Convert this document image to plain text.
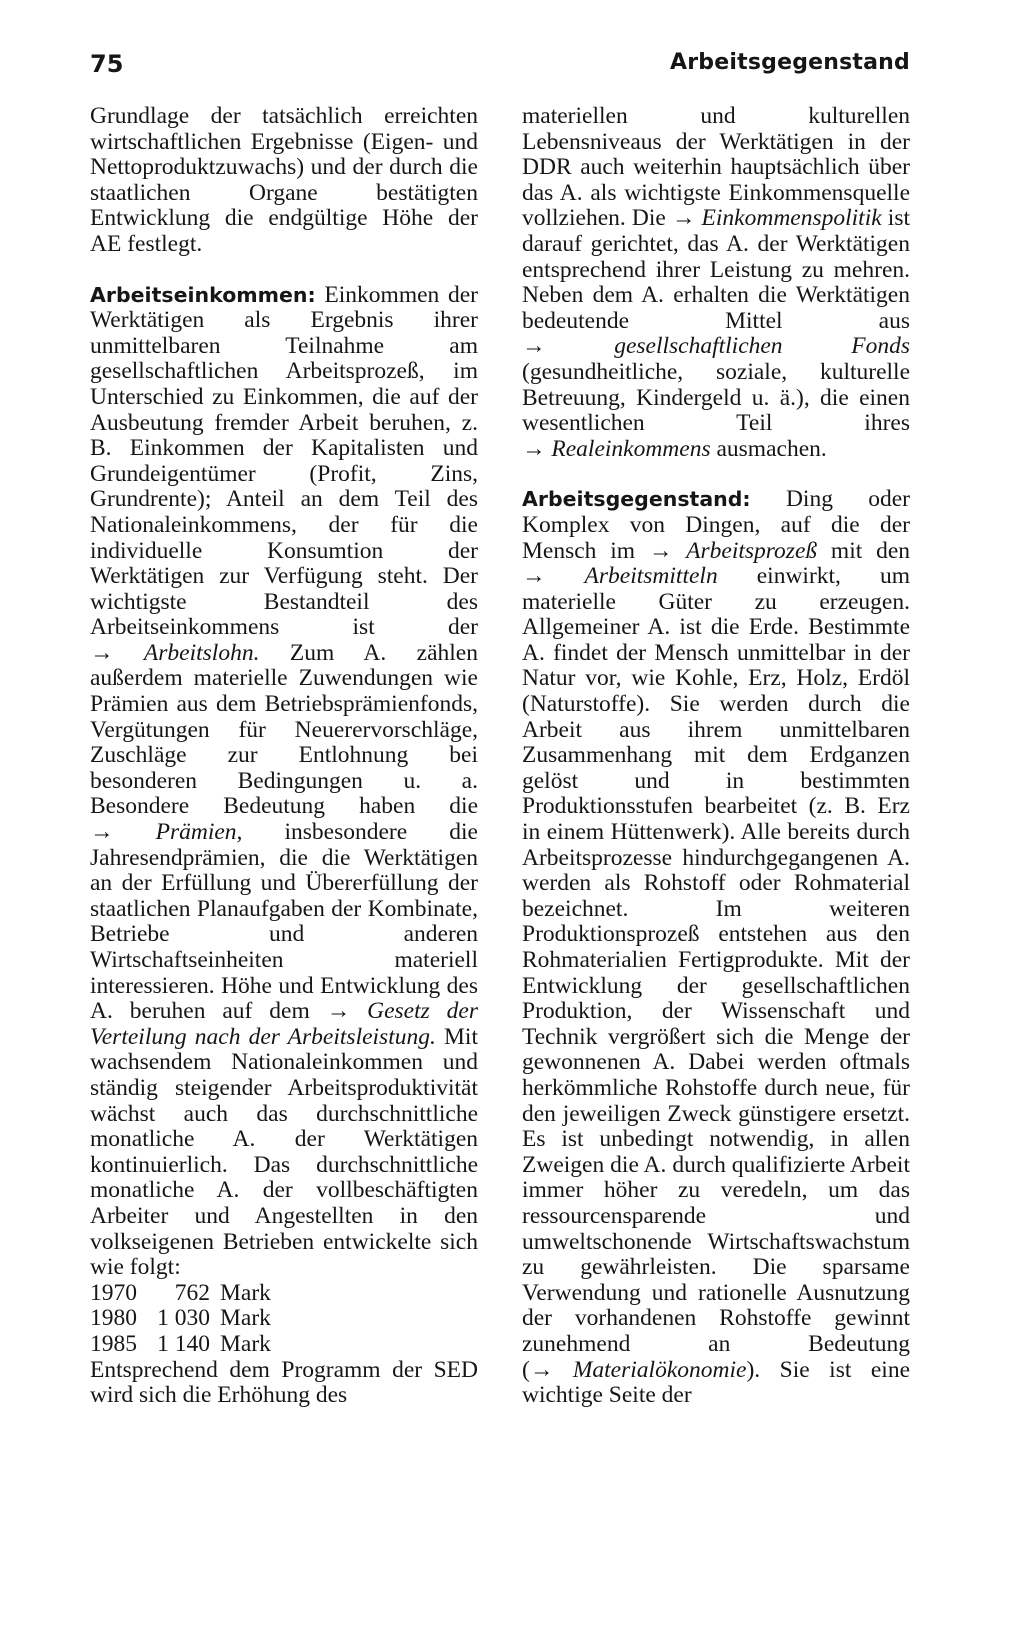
75	Arbeitsgegenstand

Grundlage der tatsächlich erreichten wirtschaftlichen Ergebnisse (Eigen- und Nettoproduktzuwachs) und der durch die staatlichen Organe bestätigten Entwicklung die endgültige Höhe der AE festlegt.

Arbeitseinkommen: Einkommen der Werktätigen als Ergebnis ihrer unmittelbaren Teilnahme am gesellschaftlichen Arbeitsprozeß, im Unterschied zu Einkommen, die auf der Ausbeutung fremder Arbeit beruhen, z. B. Einkommen der Kapitalisten und Grundeigentümer (Profit, Zins, Grundrente); Anteil an dem Teil des Nationaleinkommens, der für die individuelle Konsumtion der Werktätigen zur Verfügung steht. Der wichtigste Bestandteil des Arbeitseinkommens ist der → Arbeitslohn. Zum A. zählen außerdem materielle Zuwendungen wie Prämien aus dem Betriebsprämienfonds, Vergütungen für Neuerervorschläge, Zuschläge zur Entlohnung bei besonderen Bedingungen u. a. Besondere Bedeutung haben die → Prämien, insbesondere die Jahresendprämien, die die Werktätigen an der Erfüllung und Übererfüllung der staatlichen Planaufgaben der Kombinate, Betriebe und anderen Wirtschaftseinheiten materiell interessieren. Höhe und Entwicklung des A. beruhen auf dem → Gesetz der Verteilung nach der Arbeitsleistung. Mit wachsendem Nationaleinkommen und ständig steigender Arbeitsproduktivität wächst auch das durchschnittliche monatliche A. der Werktätigen kontinuierlich. Das durchschnittliche monatliche A. der vollbeschäftigten Arbeiter und Angestellten in den volkseigenen Betrieben entwickelte sich wie folgt:

1970	762 Mark
1980 1 030 Mark
1985 1 140 Mark

Entsprechend dem Programm der SED wird sich die Erhöhung des

materiellen und kulturellen Lebensniveaus der Werktätigen in der DDR auch weiterhin hauptsächlich über das A. als wichtigste Einkommensquelle vollziehen. Die → Einkommenspolitik ist darauf gerichtet, das A. der Werktätigen entsprechend ihrer Leistung zu mehren. Neben dem A. erhalten die Werktätigen bedeutende Mittel aus →	gesellschaftlichen Fonds (gesundheitliche, soziale, kulturelle Betreuung, Kindergeld u. ä.), die einen wesentlichen Teil ihres → Realeinkommens ausmachen.

Arbeitsgegenstand: Ding oder Komplex von Dingen, auf die der Mensch im → Arbeitsprozeß mit den → Arbeitsmitteln einwirkt, um materielle Güter zu erzeugen. Allgemeiner A. ist die Erde. Bestimmte A. findet der Mensch unmittelbar in der Natur vor, wie Kohle, Erz, Holz, Erdöl (Naturstoffe). Sie werden durch die Arbeit aus ihrem unmittelbaren Zusammenhang mit dem Erdganzen gelöst und in bestimmten Produktionsstufen bearbeitet (z. B. Erz in einem Hüttenwerk). Alle bereits durch Arbeitsprozesse hindurchgegangenen A. werden als Rohstoff oder Rohmaterial bezeichnet. Im weiteren Produktionsprozeß entstehen aus den Rohmaterialien Fertigprodukte. Mit der Entwicklung der gesellschaftlichen Produktion, der Wissenschaft und Technik vergrößert sich die Menge der gewonnenen A. Dabei werden oftmals herkömmliche Rohstoffe durch neue, für den jeweiligen Zweck günstigere ersetzt. Es ist unbedingt notwendig, in allen Zweigen die A. durch qualifizierte Arbeit immer höher zu veredeln, um das ressourcensparende und umweltschonende Wirtschaftswachstum zu gewährleisten. Die sparsame Verwendung und rationelle Ausnutzung der vorhandenen Rohstoffe gewinnt zunehmend an Bedeutung (→ Materialökonomie). Sie ist eine wichtige Seite der
